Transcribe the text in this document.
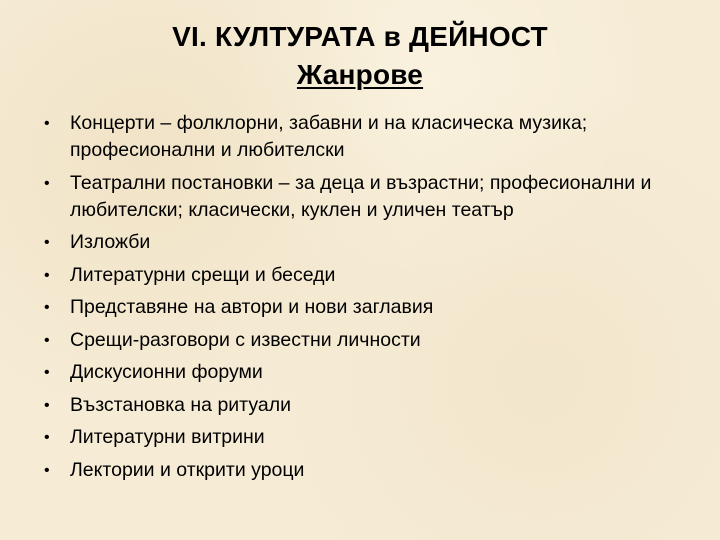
VI. КУЛТУРАТА в ДЕЙНОСТ
Жанрове
• Концерти – фолклорни, забавни и на класическа музика; професионални и любителски
• Театрални постановки – за деца и възрастни; професионални и любителски; класически, куклен и уличен театър
• Изложби
• Литературни срещи и беседи
• Представяне на автори и нови заглавия
• Срещи-разговори с известни личности
• Дискусионни форуми
• Възстановка на ритуали
• Литературни витрини
• Лектории и открити уроци
